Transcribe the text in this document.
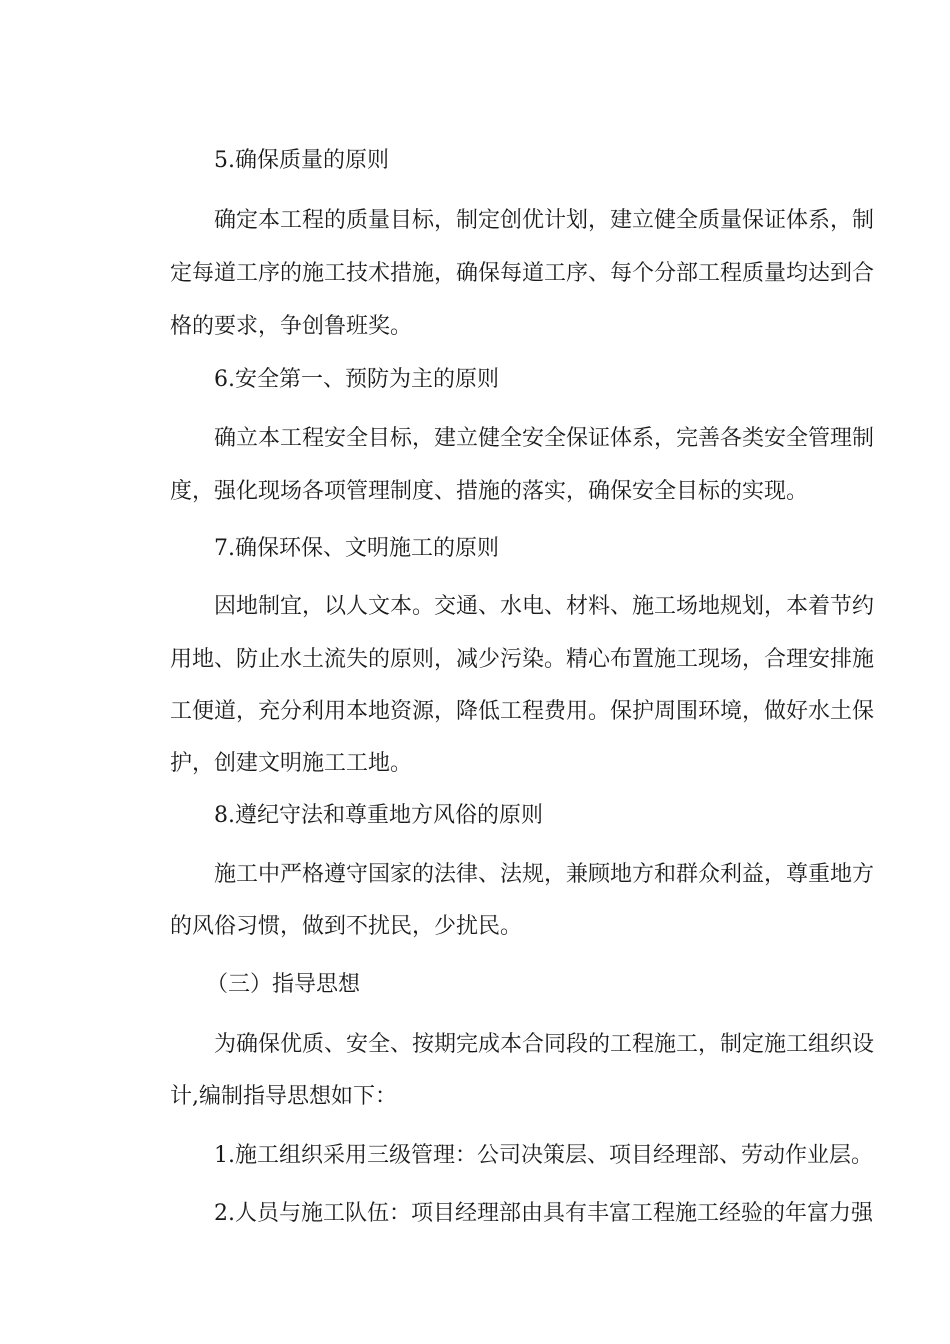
5.确保质量的原则
确定本工程的质量目标，制定创优计划，建立健全质量保证体系，制
定每道工序的施工技术措施，确保每道工序、每个分部工程质量均达到合
格的要求，争创鲁班奖。
6.安全第一、预防为主的原则
确立本工程安全目标，建立健全安全保证体系，完善各类安全管理制
度，强化现场各项管理制度、措施的落实，确保安全目标的实现。
7.确保环保、文明施工的原则
因地制宜，以人文本。交通、水电、材料、施工场地规划，本着节约
用地、防止水土流失的原则，减少污染。精心布置施工现场，合理安排施
工便道，充分利用本地资源，降低工程费用。保护周围环境，做好水土保
护，创建文明施工工地。
8.遵纪守法和尊重地方风俗的原则
施工中严格遵守国家的法律、法规，兼顾地方和群众利益，尊重地方
的风俗习惯，做到不扰民，少扰民。
（三）指导思想
为确保优质、安全、按期完成本合同段的工程施工，制定施工组织设
计,编制指导思想如下：
1.施工组织采用三级管理：公司决策层、项目经理部、劳动作业层。
2.人员与施工队伍：项目经理部由具有丰富工程施工经验的年富力强
